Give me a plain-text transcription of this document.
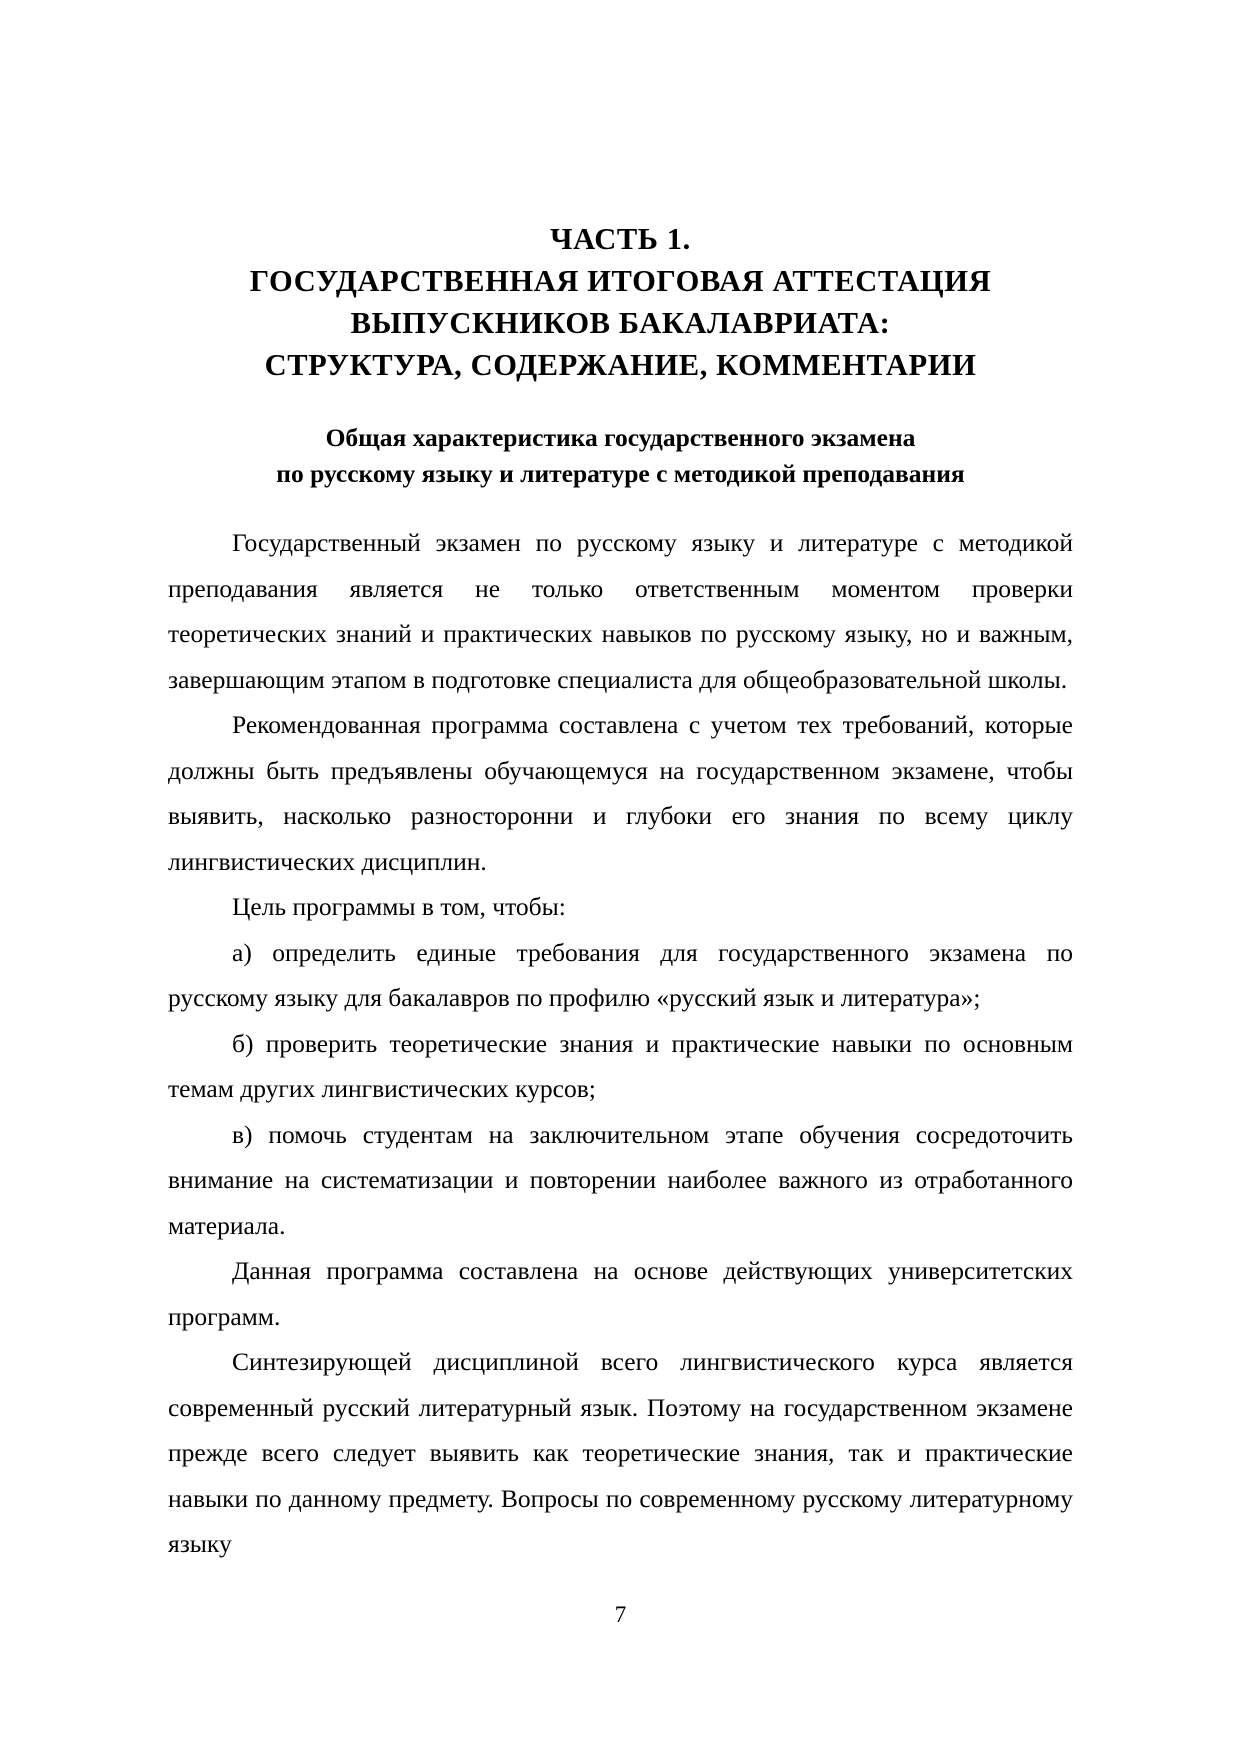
ЧАСТЬ 1.
ГОСУДАРСТВЕННАЯ ИТОГОВАЯ АТТЕСТАЦИЯ
ВЫПУСКНИКОВ БАКАЛАВРИАТА:
СТРУКТУРА, СОДЕРЖАНИЕ, КОММЕНТАРИИ
Общая характеристика государственного экзамена
по русскому языку и литературе с методикой преподавания

Государственный экзамен по русскому языку и литературе с методикой преподавания является не только ответственным моментом проверки теоретических знаний и практических навыков по русскому языку, но и важным, завершающим этапом в подготовке специалиста для общеобразовательной школы.

Рекомендованная программа составлена с учетом тех требований, которые должны быть предъявлены обучающемуся на государственном экзамене, чтобы выявить, насколько разносторонни и глубоки его знания по всему циклу лингвистических дисциплин.

Цель программы в том, чтобы:

а) определить единые требования для государственного экзамена по русскому языку для бакалавров по профилю «русский язык и литература»;

б) проверить теоретические знания и практические навыки по основным темам других лингвистических курсов;

в) помочь студентам на заключительном этапе обучения сосредоточить внимание на систематизации и повторении наиболее важного из отработанного материала.

Данная программа составлена на основе действующих университетских программ.

Синтезирующей дисциплиной всего лингвистического курса является современный русский литературный язык. Поэтому на государственном экзамене прежде всего следует выявить как теоретические знания, так и практические навыки по данному предмету. Вопросы по современному русскому литературному языку

7
